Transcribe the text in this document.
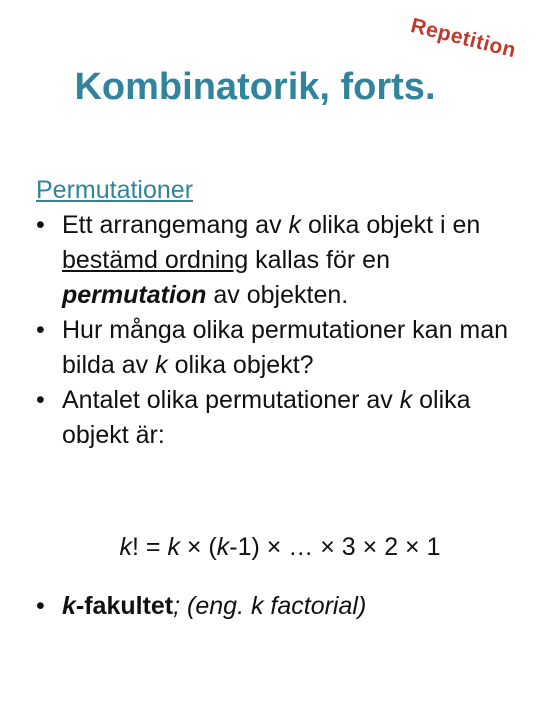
Repetition
Kombinatorik, forts.
Permutationer
• Ett arrangemang av k olika objekt i en bestämd ordning kallas för en permutation av objekten.
• Hur många olika permutationer kan man bilda av k olika objekt?
• Antalet olika permutationer av k olika objekt är:
k! = k × (k-1) × … × 3 × 2 × 1
• k-fakultet; (eng. k factorial)
